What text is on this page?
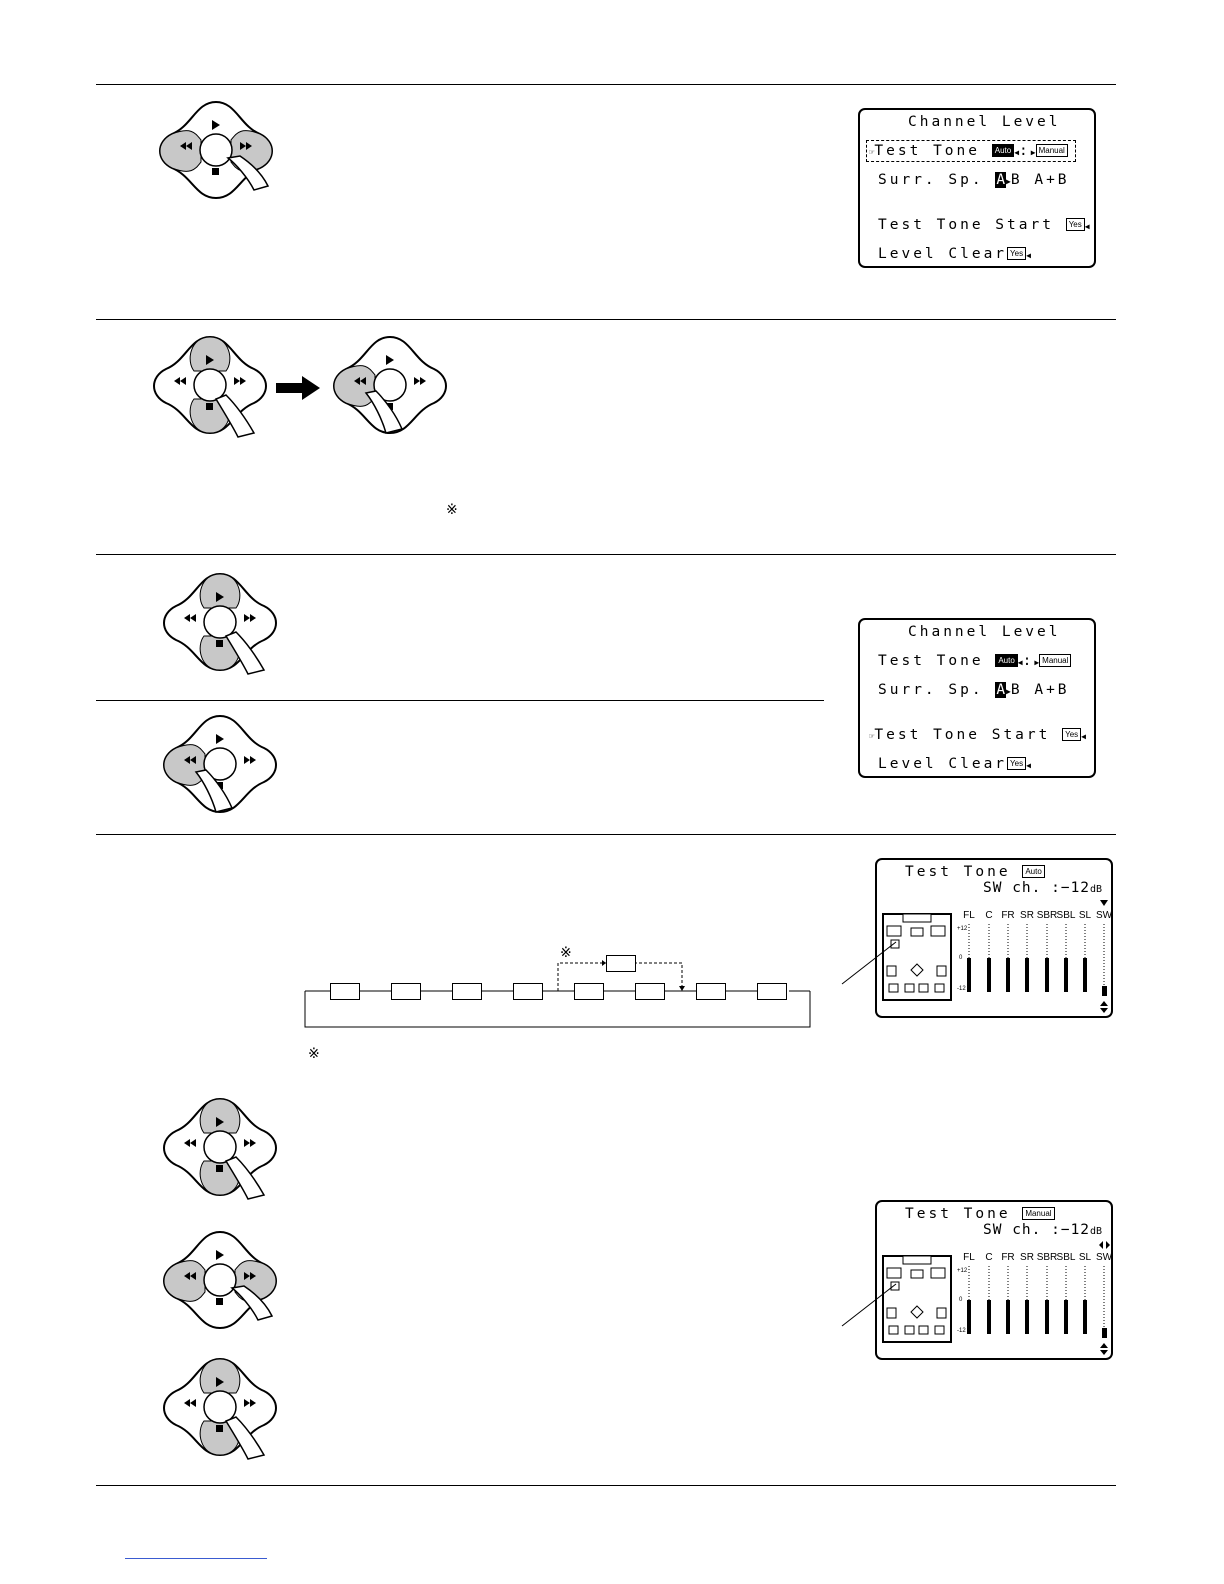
Channel Level
☞Test Tone Auto ◀:▶ Manual
Surr. Sp. A▶B A+B
Test Tone Start Yes ◀
Level Clear Yes ◀
※
Channel Level
Test Tone Auto ◀:▶ Manual
Surr. Sp. A▶B A+B
☞Test Tone Start Yes ◀
Level Clear Yes ◀
※
※
Test Tone Auto
SW ch. :−12dB
+12
0
-12
FL	C FR SR SBR SBL SL SW
Test Tone Manual
SW ch. :−12dB
+12
0
-12
FL	C FR SR SBR SBL SL SW
